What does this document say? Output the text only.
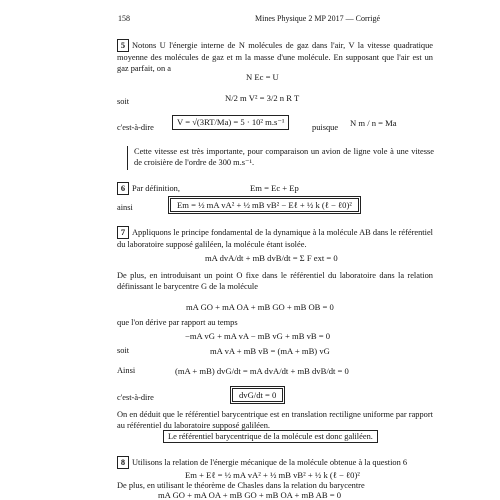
158	Mines Physique 2 MP 2017 — Corrigé
5 Notons U l'énergie interne de N molécules de gaz dans l'air, V la vitesse quadratique moyenne des molécules de gaz et m la masse d'une molécule. En supposant que l'air est un gaz parfait, on a
N Ec = U
soit	N/2 m V² = 3/2 n R T
c'est-à-dire
V = √(3RT/Ma) = 5 · 10² m.s⁻¹
puisque N m / n = Ma
Cette vitesse est très importante, pour comparaison un avion de ligne vole à une vitesse de croisière de l'ordre de 300 m.s⁻¹.
6 Par définition,	Em = Ec + Ep
ainsi	Em = ½ mA vA² + ½ mB vB² − Eℓ + ½ k (ℓ − ℓ0)²
7 Appliquons le principe fondamental de la dynamique à la molécule AB dans le référentiel du laboratoire supposé galiléen, la molécule étant isolée.
mA dvA/dt + mB dvB/dt = Σ F ext = 0
De plus, en introduisant un point O fixe dans le référentiel du laboratoire dans la relation définissant le barycentre G de la molécule
mA GO + mA OA + mB GO + mB OB = 0
que l'on dérive par rapport au temps
−mA vG + mA vA − mB vG + mB vB = 0
soit	mA vA + mB vB = (mA + mB) vG
Ainsi	(mA + mB) dvG/dt = mA dvA/dt + mB dvB/dt = 0
c'est-à-dire	dvG/dt = 0
On en déduit que le référentiel barycentrique est en translation rectiligne uniforme par rapport au référentiel du laboratoire supposé galiléen.
Le référentiel barycentrique de la molécule est donc galiléen.
8 Utilisons la relation de l'énergie mécanique de la molécule obtenue à la question 6
Em + Eℓ = ½ mA vA² + ½ mB vB² + ½ k (ℓ − ℓ0)²
De plus, en utilisant le théorème de Chasles dans la relation du barycentre
mA GO + mA OA + mB GO + mB OA + mB AB = 0
